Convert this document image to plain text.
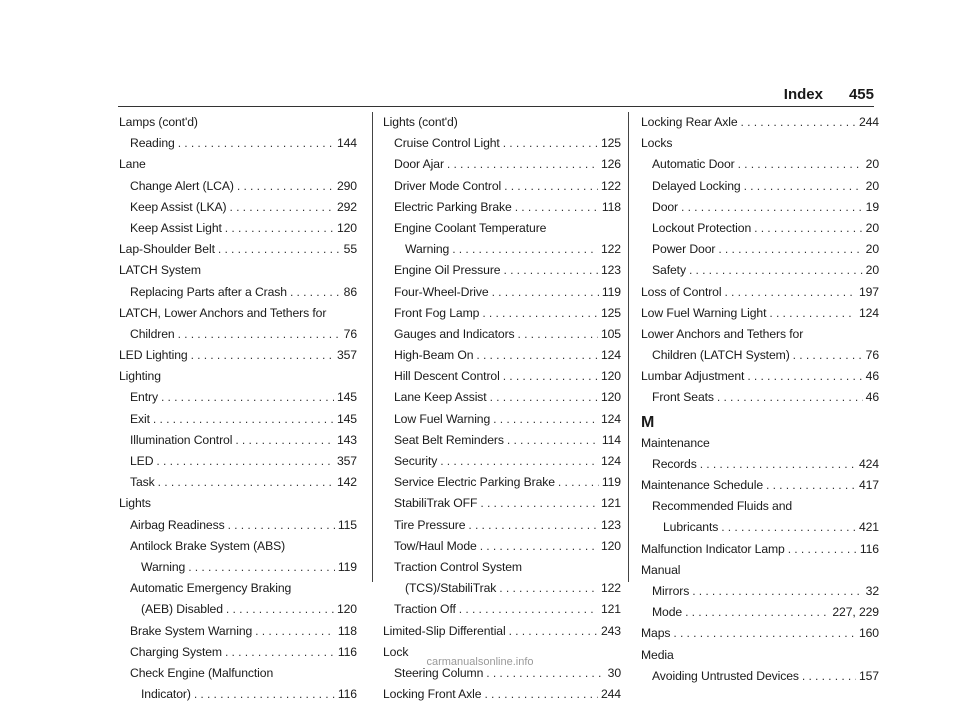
Index 455
Lamps (cont'd)
Reading . . .	144
Lane
Change Alert (LCA) . . .	290
Keep Assist (LKA) . . .	292
Keep Assist Light . . .	120
Lap-Shoulder Belt . . .	55
LATCH System
Replacing Parts after a Crash . . .	86
LATCH, Lower Anchors and Tethers for
Children . . .	76
LED Lighting . . .	357
Lighting
Entry . . .	145
Exit . . .	145
Illumination Control . . .	143
LED . . .	357
Task . . .	142
Lights
Airbag Readiness . . .	115
Antilock Brake System (ABS)
Warning . . .	119
Automatic Emergency Braking
(AEB) Disabled . . .	120
Brake System Warning . . .	118
Charging System . . .	116
Check Engine (Malfunction
Indicator) . . .	116
Lights (cont'd)
Cruise Control Light . . .	125
Door Ajar . . .	126
Driver Mode Control . . .	122
Electric Parking Brake . . .	118
Engine Coolant Temperature
Warning . . .	122
Engine Oil Pressure . . .	123
Four-Wheel-Drive . . .	119
Front Fog Lamp . . .	125
Gauges and Indicators . . .	105
High-Beam On . . .	124
Hill Descent Control . . .	120
Lane Keep Assist . . .	120
Low Fuel Warning . . .	124
Seat Belt Reminders . . .	114
Security . . .	124
Service Electric Parking Brake . . .	119
StabiliTrak OFF . . .	121
Tire Pressure . . .	123
Tow/Haul Mode . . .	120
Traction Control System
(TCS)/StabiliTrak . . .	122
Traction Off . . .	121
Limited-Slip Differential . . .	243
Lock
Steering Column . . .	30
Locking Front Axle . . .	244
Locking Rear Axle . . .	244
Locks
Automatic Door . . .	20
Delayed Locking . . .	20
Door . . .	19
Lockout Protection . . .	20
Power Door . . .	20
Safety . . .	20
Loss of Control . . .	197
Low Fuel Warning Light . . .	124
Lower Anchors and Tethers for
Children (LATCH System) . . .	76
Lumbar Adjustment . . .	46
Front Seats . . .	46
M
Maintenance
Records . . .	424
Maintenance Schedule . . .	417
Recommended Fluids and
Lubricants . . .	421
Malfunction Indicator Lamp . . .	116
Manual
Mirrors . . .	32
Mode . . .	227, 229
Maps . . .	160
Media
Avoiding Untrusted Devices . . .	157
carmanualsonline.info
